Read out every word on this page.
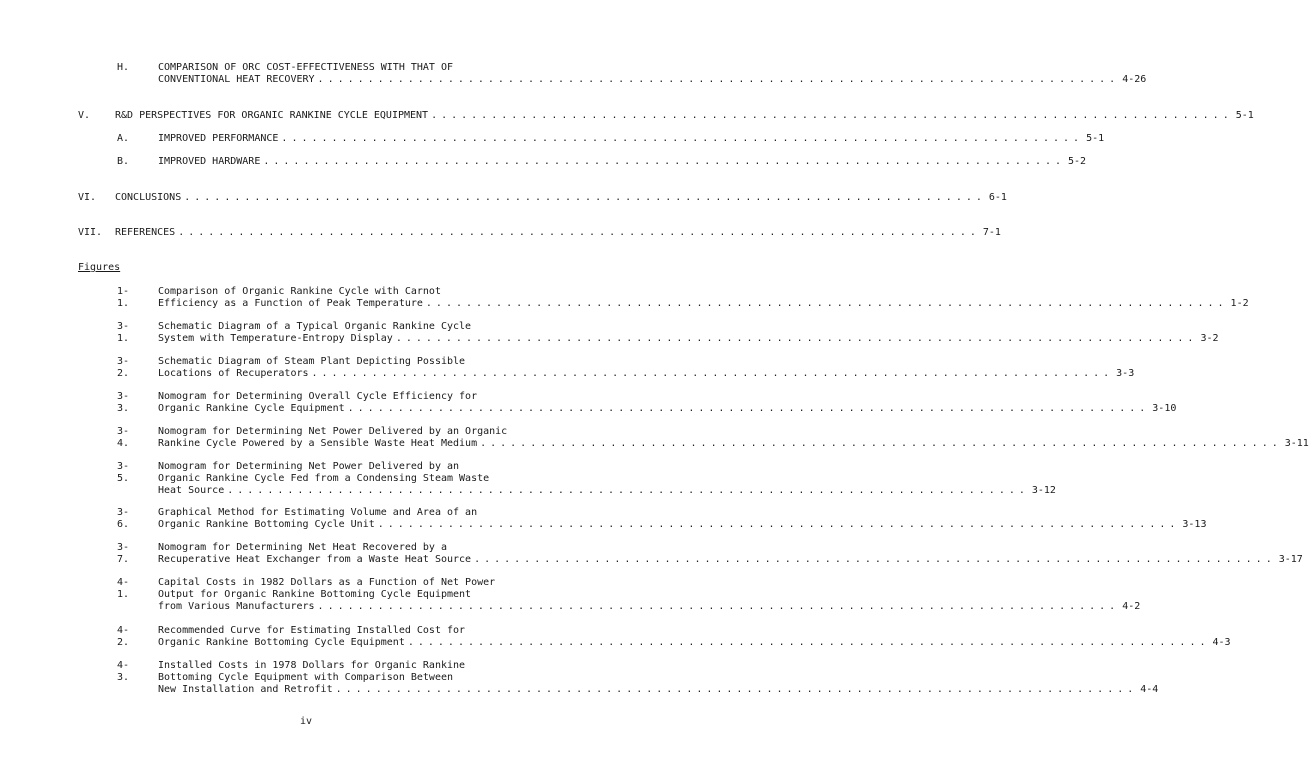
H.	COMPARISON OF ORC COST-EFFECTIVENESS WITH THAT OF
CONVENTIONAL HEAT RECOVERY ................................................................................ 4-26
V. R&D PERSPECTIVES FOR ORGANIC RANKINE CYCLE EQUIPMENT ................................................................................ 5-1
A.	IMPROVED PERFORMANCE ................................................................................ 5-1
B.	IMPROVED HARDWARE ................................................................................ 5-2
VI. CONCLUSIONS ................................................................................ 6-1
VII. REFERENCES ................................................................................ 7-1
Figures
1-1.
Comparison of Organic Rankine Cycle with Carnot
Efficiency as a Function of Peak Temperature ................................................................................ 1-2
3-1.
Schematic Diagram of a Typical Organic Rankine Cycle
System with Temperature-Entropy Display ................................................................................ 3-2
3-2.
Schematic Diagram of Steam Plant Depicting Possible
Locations of Recuperators ................................................................................ 3-3
3-3.
Nomogram for Determining Overall Cycle Efficiency for
Organic Rankine Cycle Equipment ................................................................................ 3-10
3-4.
Nomogram for Determining Net Power Delivered by an Organic
Rankine Cycle Powered by a Sensible Waste Heat Medium ................................................................................ 3-11
3-5.
Nomogram for Determining Net Power Delivered by an
Organic Rankine Cycle Fed from a Condensing Steam Waste
Heat Source ................................................................................ 3-12
3-6.
Graphical Method for Estimating Volume and Area of an
Organic Rankine Bottoming Cycle Unit ................................................................................ 3-13
3-7.
Nomogram for Determining Net Heat Recovered by a
Recuperative Heat Exchanger from a Waste Heat Source ................................................................................ 3-17
4-1.
Capital Costs in 1982 Dollars as a Function of Net Power
Output for Organic Rankine Bottoming Cycle Equipment
from Various Manufacturers ................................................................................ 4-2
4-2.
Recommended Curve for Estimating Installed Cost for
Organic Rankine Bottoming Cycle Equipment ................................................................................ 4-3
4-3.
Installed Costs in 1978 Dollars for Organic Rankine
Bottoming Cycle Equipment with Comparison Between
New Installation and Retrofit ................................................................................ 4-4
iv
